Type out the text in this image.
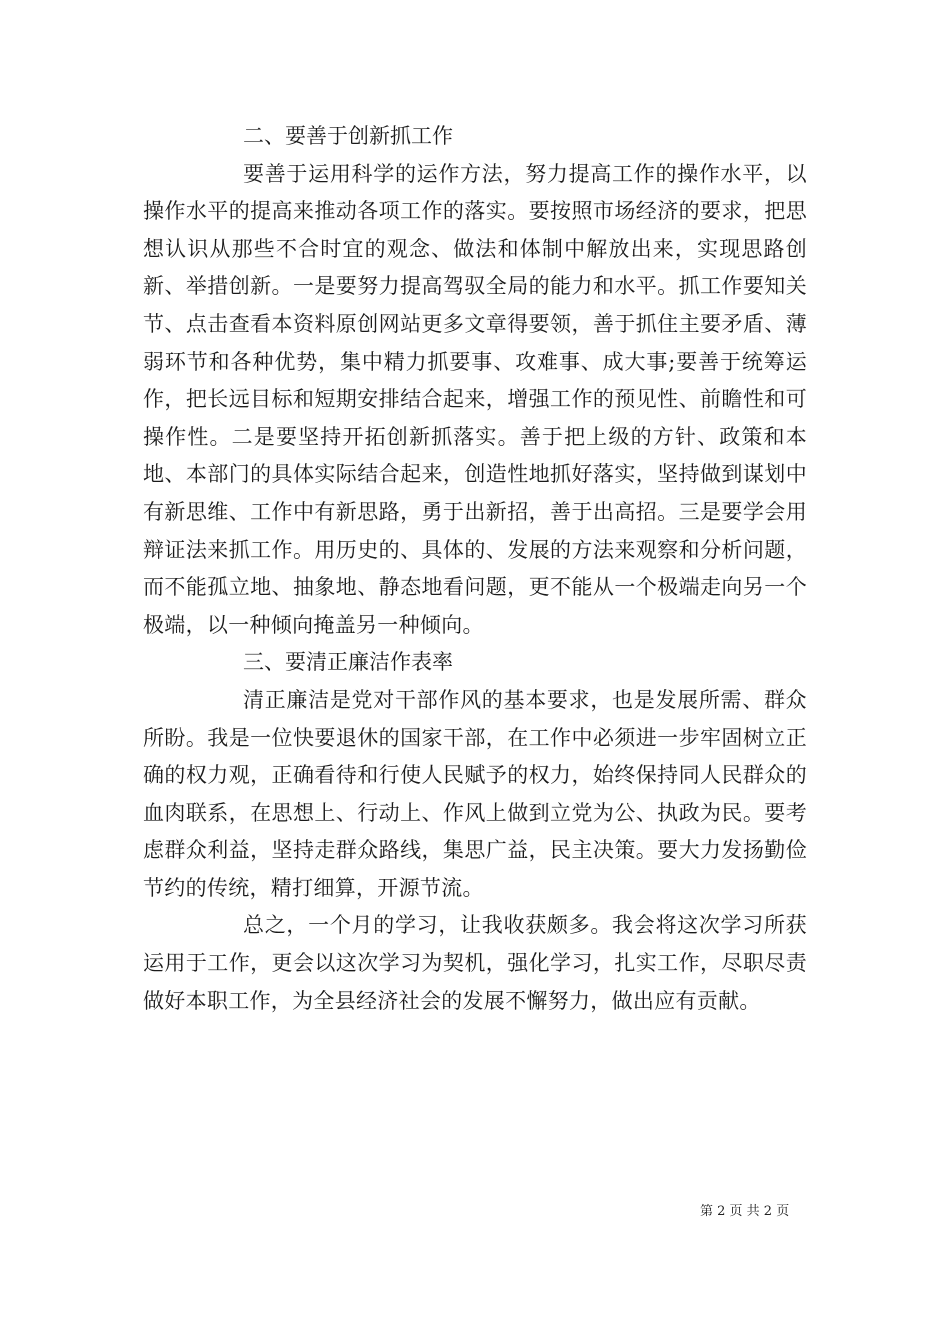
二、要善于创新抓工作

要善于运用科学的运作方法，努力提高工作的操作水平，以操作水平的提高来推动各项工作的落实。要按照市场经济的要求，把思想认识从那些不合时宜的观念、做法和体制中解放出来，实现思路创新、举措创新。一是要努力提高驾驭全局的能力和水平。抓工作要知关节、点击查看本资料原创网站更多文章得要领，善于抓住主要矛盾、薄弱环节和各种优势，集中精力抓要事、攻难事、成大事;要善于统筹运作，把长远目标和短期安排结合起来，增强工作的预见性、前瞻性和可操作性。二是要坚持开拓创新抓落实。善于把上级的方针、政策和本地、本部门的具体实际结合起来，创造性地抓好落实，坚持做到谋划中有新思维、工作中有新思路，勇于出新招，善于出高招。三是要学会用辩证法来抓工作。用历史的、具体的、发展的方法来观察和分析问题，而不能孤立地、抽象地、静态地看问题，更不能从一个极端走向另一个极端，以一种倾向掩盖另一种倾向。

三、要清正廉洁作表率

清正廉洁是党对干部作风的基本要求，也是发展所需、群众所盼。我是一位快要退休的国家干部，在工作中必须进一步牢固树立正确的权力观，正确看待和行使人民赋予的权力，始终保持同人民群众的血肉联系，在思想上、行动上、作风上做到立党为公、执政为民。要考虑群众利益，坚持走群众路线，集思广益，民主决策。要大力发扬勤俭节约的传统，精打细算，开源节流。

总之，一个月的学习，让我收获颇多。我会将这次学习所获运用于工作，更会以这次学习为契机，强化学习，扎实工作，尽职尽责做好本职工作，为全县经济社会的发展不懈努力，做出应有贡献。

第 2 页 共 2 页
